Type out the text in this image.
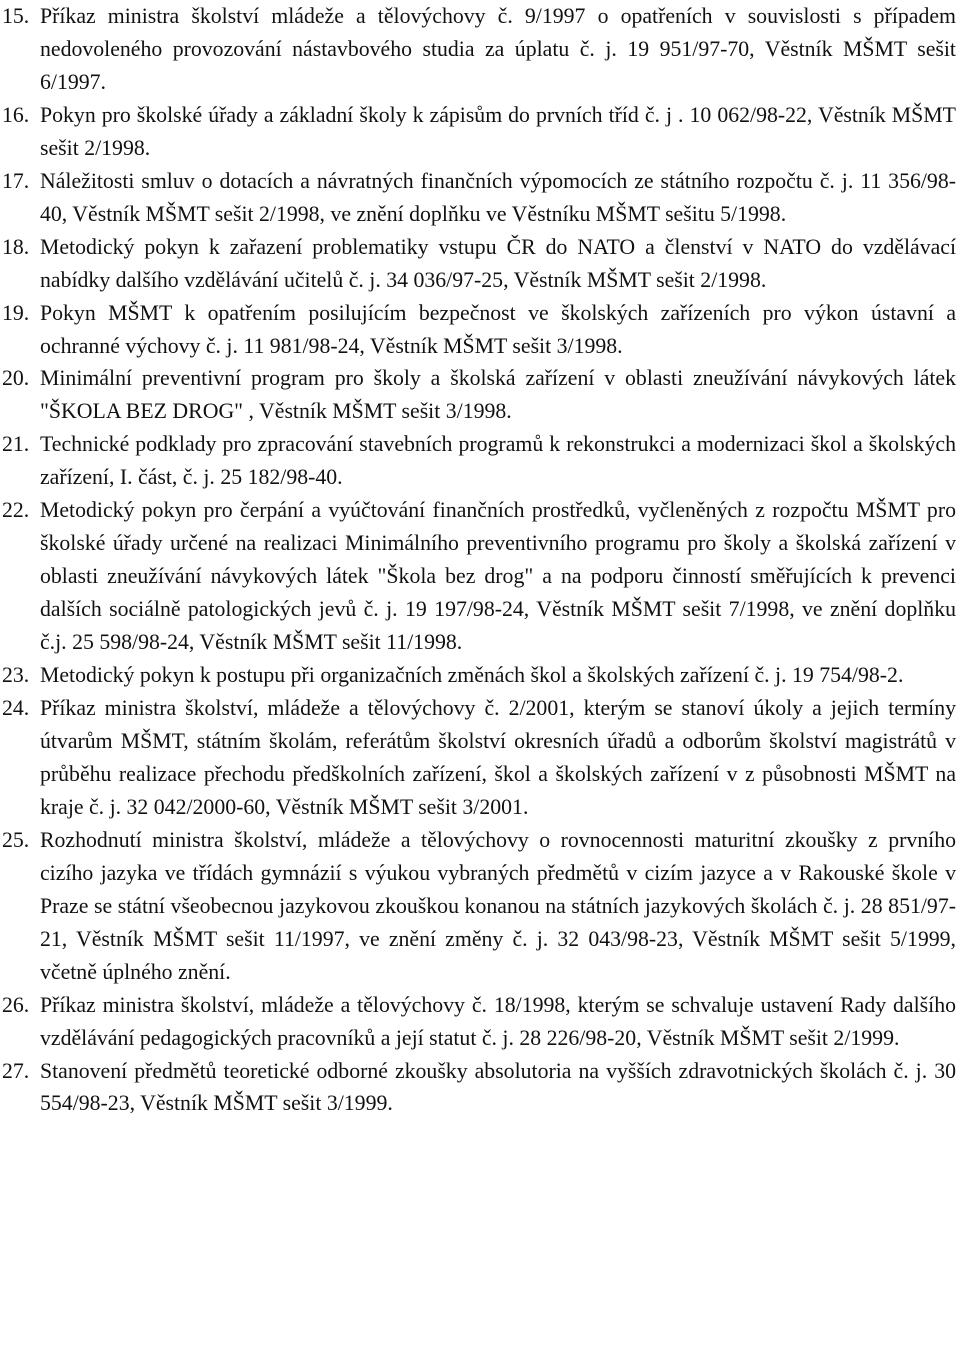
15. Příkaz ministra školství mládeže a tělovýchovy č. 9/1997 o opatřeních v souvislosti s případem nedovoleného provozování nástavbového studia za úplatu č. j. 19 951/97-70, Věstník MŠMT sešit 6/1997.
16. Pokyn pro školské úřady a základní školy k zápisům do prvních tříd č. j . 10 062/98-22, Věstník MŠMT sešit 2/1998.
17. Náležitosti smluv o dotacích a návratných finančních výpomocích ze státního rozpočtu č. j. 11 356/98-40, Věstník MŠMT sešit 2/1998, ve znění doplňku ve Věstníku MŠMT sešitu 5/1998.
18. Metodický pokyn k zařazení problematiky vstupu ČR do NATO a členství v NATO do vzdělávací nabídky dalšího vzdělávání učitelů č. j. 34 036/97-25, Věstník MŠMT sešit 2/1998.
19. Pokyn MŠMT k opatřením posilujícím bezpečnost ve školských zařízeních pro výkon ústavní a ochranné výchovy č. j. 11 981/98-24, Věstník MŠMT sešit 3/1998.
20. Minimální preventivní program pro školy a školská zařízení v oblasti zneužívání návykových látek "ŠKOLA BEZ DROG" , Věstník MŠMT sešit 3/1998.
21. Technické podklady pro zpracování stavebních programů k rekonstrukci a modernizaci škol a školských zařízení, I. část, č. j. 25 182/98-40.
22. Metodický pokyn pro čerpání a vyúčtování finančních prostředků, vyčleněných z rozpočtu MŠMT pro školské úřady určené na realizaci Minimálního preventivního programu pro školy a školská zařízení v oblasti zneužívání návykových látek "Škola bez drog" a na podporu činností směřujících k prevenci dalších sociálně patologických jevů č. j. 19 197/98-24, Věstník MŠMT sešit 7/1998, ve znění doplňku č.j. 25 598/98-24, Věstník MŠMT sešit 11/1998.
23. Metodický pokyn k postupu při organizačních změnách škol a školských zařízení č. j. 19 754/98-2.
24. Příkaz ministra školství, mládeže a tělovýchovy č. 2/2001, kterým se stanoví úkoly a jejich termíny útvarům MŠMT, státním školám, referátům školství okresních úřadů a odborům školství magistrátů v průběhu realizace přechodu předškolních zařízení, škol a školských zařízení v z působnosti MŠMT na kraje č. j. 32 042/2000-60, Věstník MŠMT sešit 3/2001.
25. Rozhodnutí ministra školství, mládeže a tělovýchovy o rovnocennosti maturitní zkoušky z prvního cizího jazyka ve třídách gymnázií s výukou vybraných předmětů v cizím jazyce a v Rakouské škole v Praze se státní všeobecnou jazykovou zkouškou konanou na státních jazykových školách č. j. 28 851/97-21, Věstník MŠMT sešit 11/1997, ve znění změny č. j. 32 043/98-23, Věstník MŠMT sešit 5/1999, včetně úplného znění.
26. Příkaz ministra školství, mládeže a tělovýchovy č. 18/1998, kterým se schvaluje ustavení Rady dalšího vzdělávání pedagogických pracovníků a její statut č. j. 28 226/98-20, Věstník MŠMT sešit 2/1999.
27. Stanovení předmětů teoretické odborné zkoušky absolutoria na vyšších zdravotnických školách č. j. 30 554/98-23, Věstník MŠMT sešit 3/1999.
